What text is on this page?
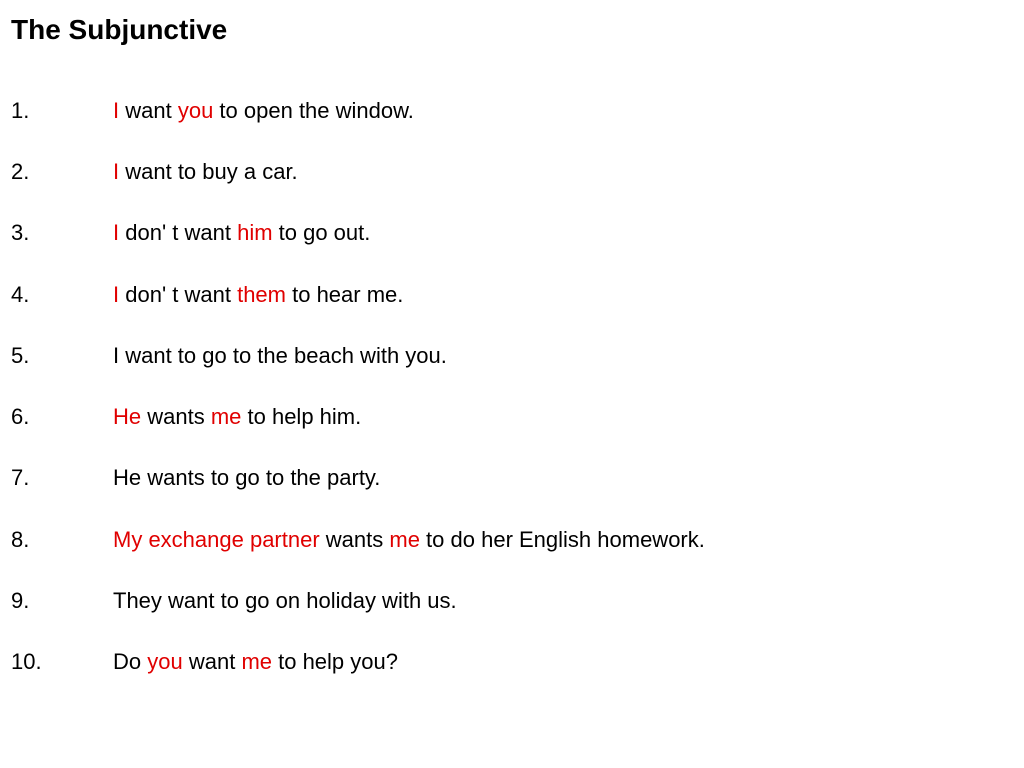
The Subjunctive
1.	I want you to open the window.
2.	I want to buy a car.
3.	I don' t want him to go out.
4.	I don' t want them to hear me.
5.	I want to go to the beach with you.
6.	He wants me to help him.
7.	He wants to go to the party.
8.	My exchange partner wants me to do her English homework.
9.	They want to go on holiday with us.
10.	Do you want me to help you?
